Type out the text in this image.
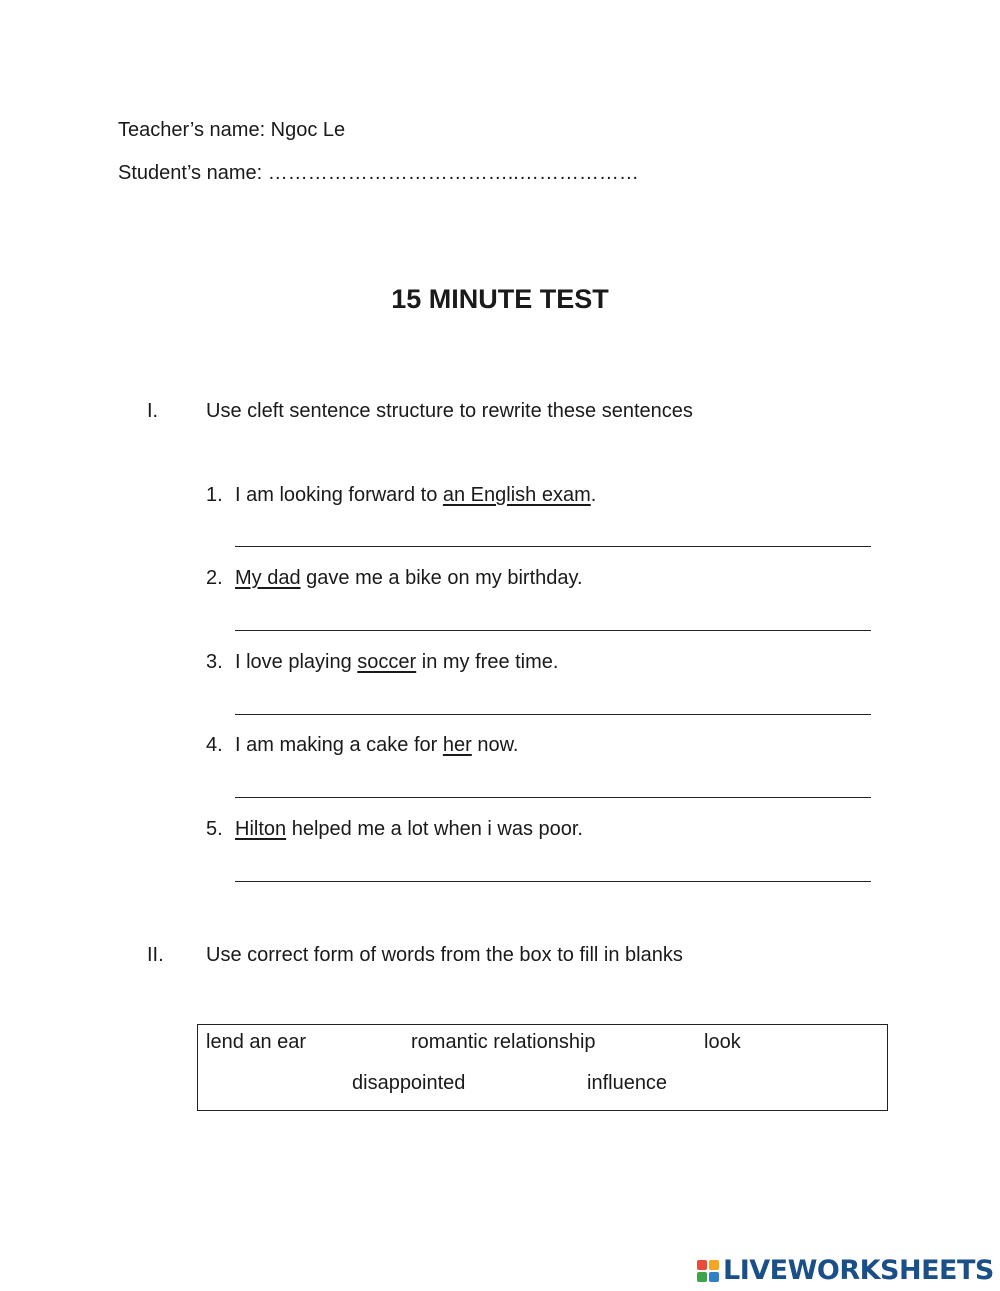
Teacher’s name: Ngoc Le
Student’s name: ………………………………..………………
15 MINUTE TEST
I. Use cleft sentence structure to rewrite these sentences
1. I am looking forward to an English exam.
2. My dad gave me a bike on my birthday.
3. I love playing soccer in my free time.
4. I am making a cake for her now.
5. Hilton helped me a lot when i was poor.
II. Use correct form of words from the box to fill in blanks
lend an ear	romantic relationship	look
disappointed	influence
LIVEWORKSHEETS
